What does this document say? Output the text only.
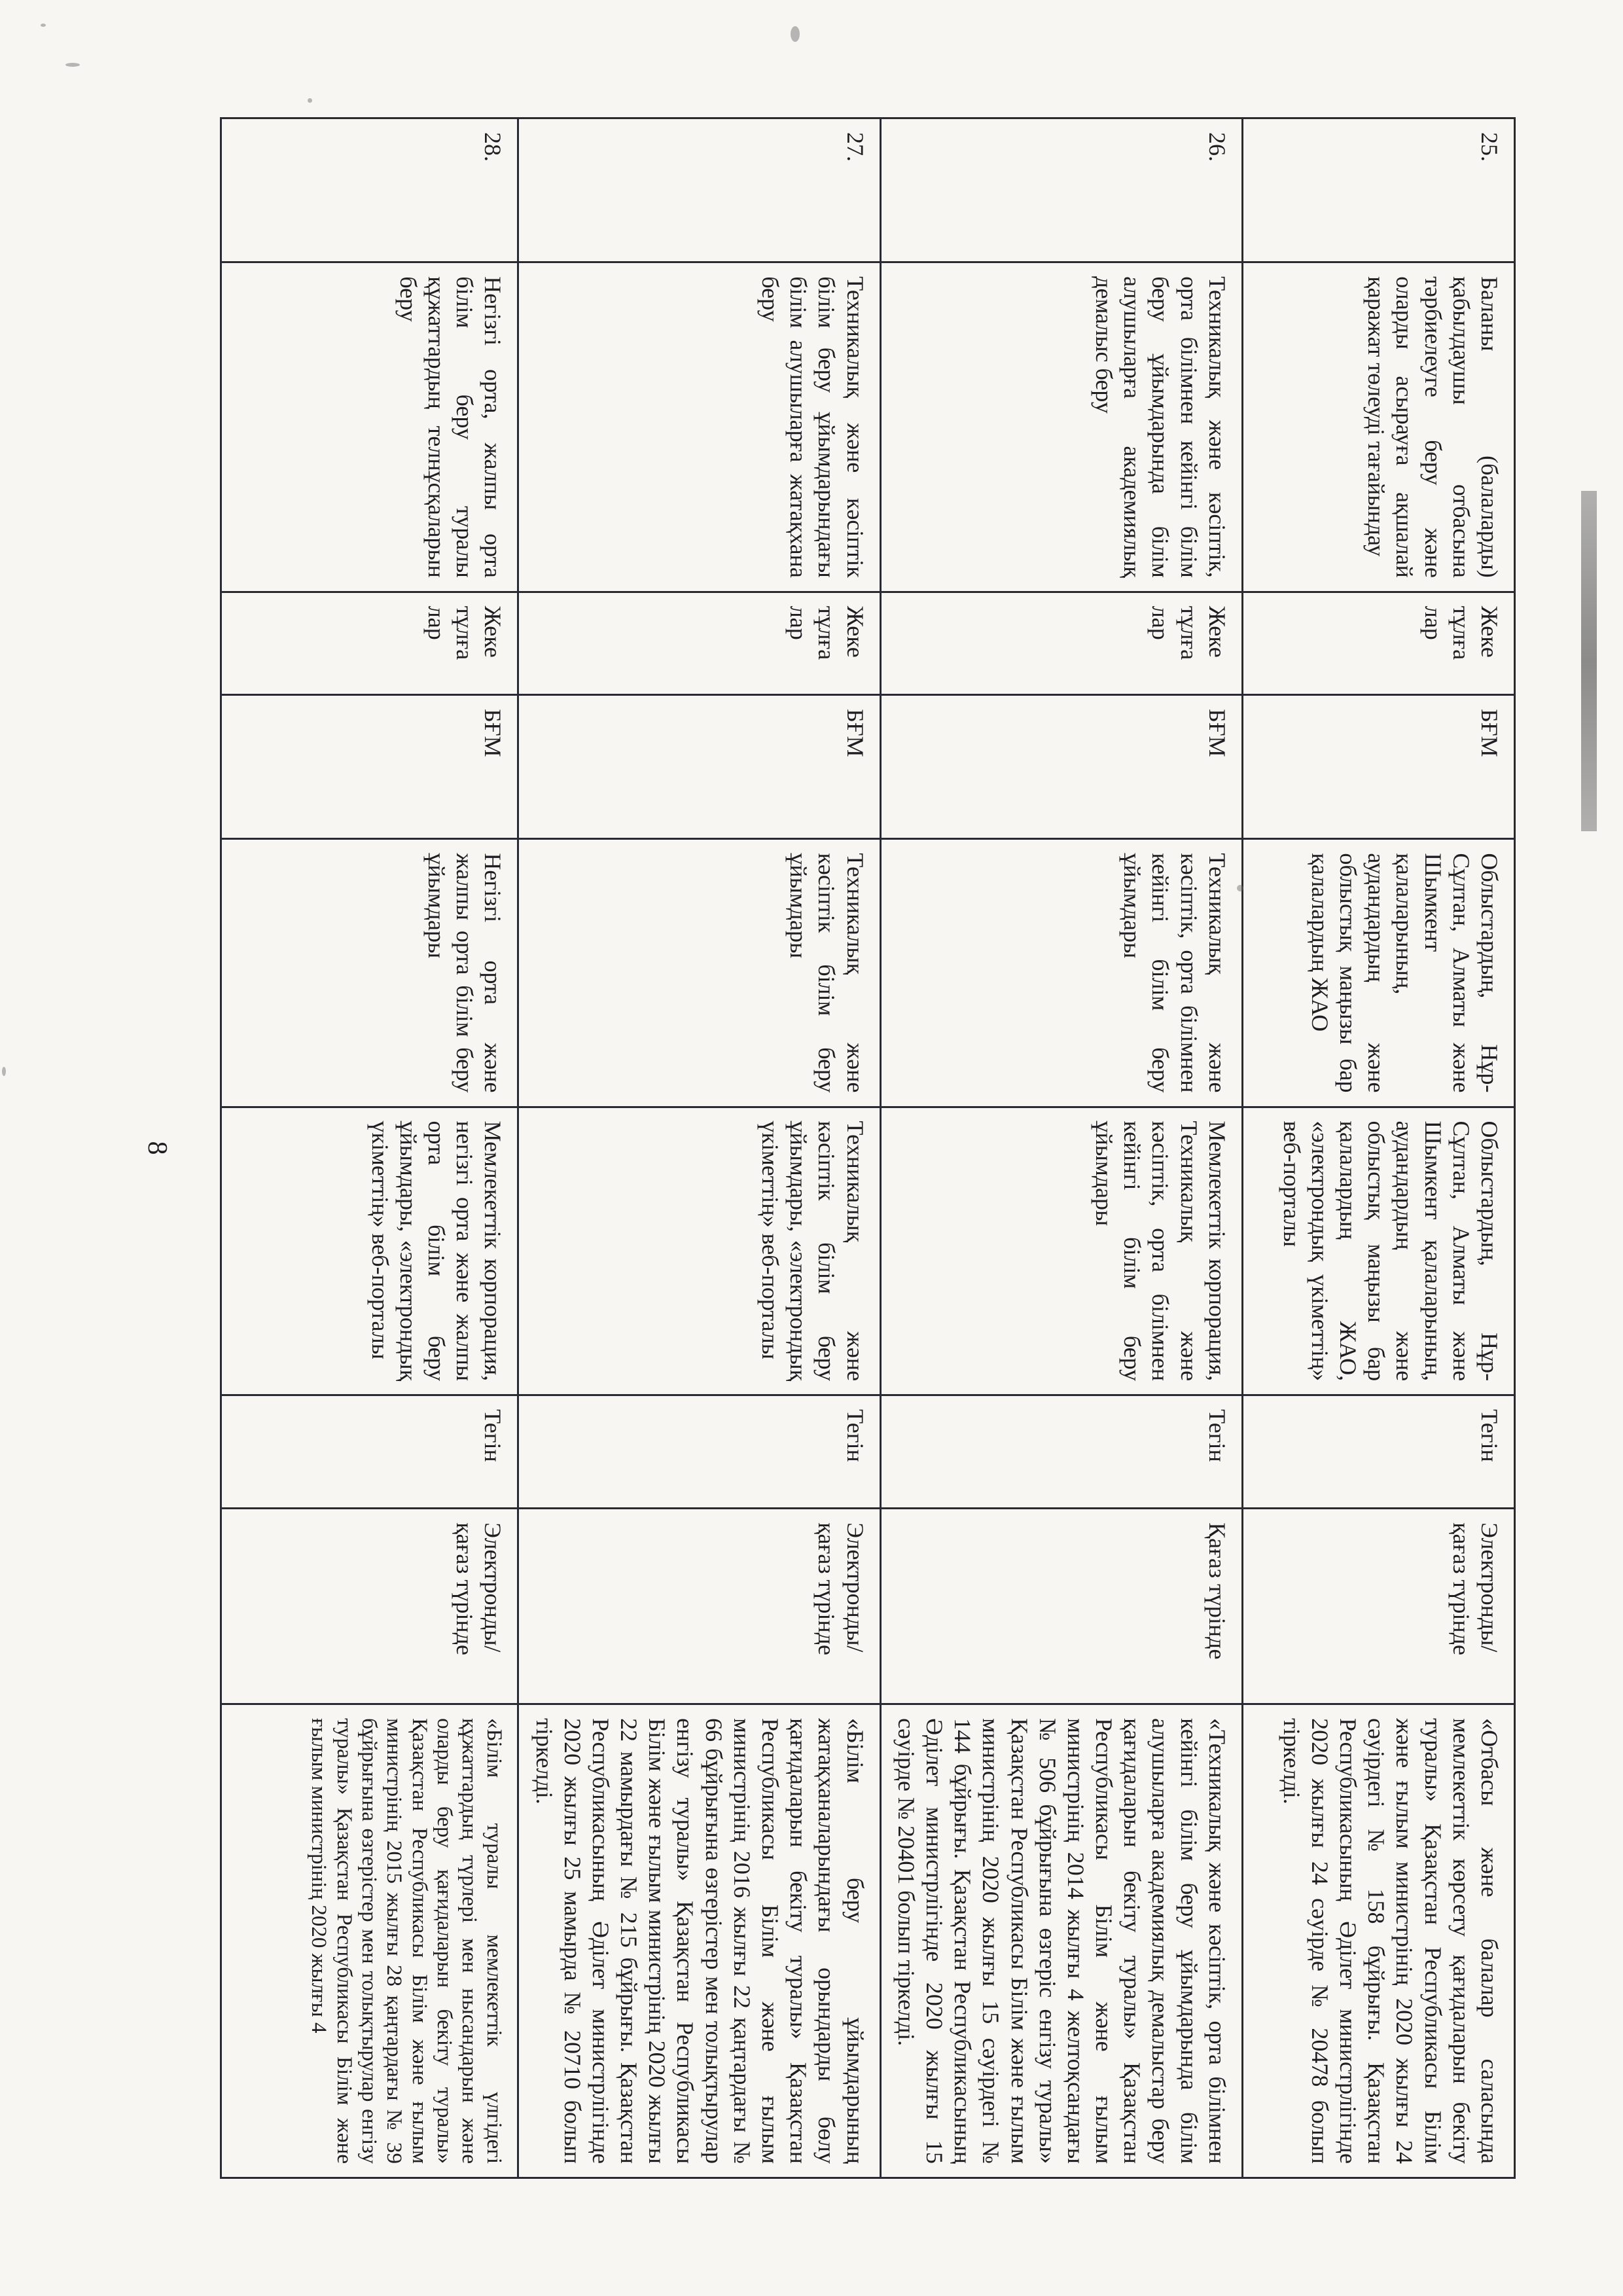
8
25.	Баланы (балаларды) қабылдаушы отбасына тәрбиелеуге беру және оларды асырауға ақшалай қаражат төлеуді тағайындау	Жеке тұлға лар	БҒМ	Облыстардың, Нұр-Сұлтан, Алматы және Шымкент қалаларының, аудандардың және облыстық маңызы бар қалалардың ЖАО	Облыстардың, Нұр-Сұлтан, Алматы және Шымкент қалаларының, аудандардың және облыстық маңызы бар қалалардың ЖАО, «электрондық үкіметтің» веб-порталы	Тегін	Электронды/ қағаз түрінде	«Отбасы және балалар саласында мемлекеттік көрсету қағидаларын бекіту туралы» Қазақстан Республикасы Білім және ғылым министрінің 2020 жылғы 24 сәуірдегі № 158 бұйрығы. Қазақстан Республикасының Әділет министрлігінде 2020 жылғы 24 сәуірде № 20478 болып тіркелді.
26.	Техникалық және кәсіптік, орта білімнен кейінгі білім беру ұйымдарында білім алушыларға академиялық демалыс беру	Жеке тұлға лар	БҒМ	Техникалық және кәсіптік, орта білімнен кейінгі білім беру ұйымдары	Мемлекеттік корпорация, Техникалық және кәсіптік, орта білімнен кейінгі білім беру ұйымдары	Тегін	Қағаз түрінде	«Техникалық және кәсіптік, орта білімнен кейінгі білім беру ұйымдарында білім алушыларға академиялық демалыстар беру қағидаларын бекіту туралы» Қазақстан Республикасы Білім және ғылым министрінің 2014 жылғы 4 желтоқсандағы № 506 бұйрығына өзгеріс енгізу туралы» Қазақстан Республикасы Білім және ғылым министрінің 2020 жылғы 15 сәуірдегі № 144 бұйрығы. Қазақстан Республикасының Әділет министрлігінде 2020 жылғы 15 сәуірде № 20401 болып тіркелді.
27.	Техникалық және кәсіптік білім беру ұйымдарындағы білім алушыларға жатақхана беру	Жеке тұлға лар	БҒМ	Техникалық және кәсіптік білім беру ұйымдары	Техникалық және кәсіптік білім беру ұйымдары, «электрондық үкіметтің» веб-порталы	Тегін	Электронды/ қағаз түрінде	«Білім беру ұйымдарының жатақханаларындағы орындарды бөлу қағидаларын бекіту туралы» Қазақстан Республикасы Білім және ғылым министрінің 2016 жылғы 22 қаңтардағы № 66 бұйрығына өзгерістер мен толықтырулар енгізу туралы» Қазақстан Республикасы Білім және ғылым министрінің 2020 жылғы 22 мамырдағы № 215 бұйрығы. Қазақстан Республикасының Әділет министрлігінде 2020 жылғы 25 мамырда № 20710 болып тіркелді.
28.	Негізгі орта, жалпы орта білім беру туралы құжаттардың телнұсқаларын беру	Жеке тұлға лар	БҒМ	Негізгі орта және жалпы орта білім беру ұйымдары	Мемлекеттік корпорация, негізгі орта және жалпы орта білім беру ұйымдары, «электрондық үкіметтің» веб-порталы	Тегін	Электронды/ қағаз түрінде	«Білім туралы мемлекеттік үлгідегі құжаттардың түрлері мен нысандарын және оларды беру қағидаларын бекіту туралы» Қазақстан Республикасы Білім және ғылым министрінің 2015 жылғы 28 қаңтардағы № 39 бұйрығына өзгерістер мен толықтырулар енгізу туралы» Қазақстан Республикасы Білім және ғылым министрінің 2020 жылғы 4
